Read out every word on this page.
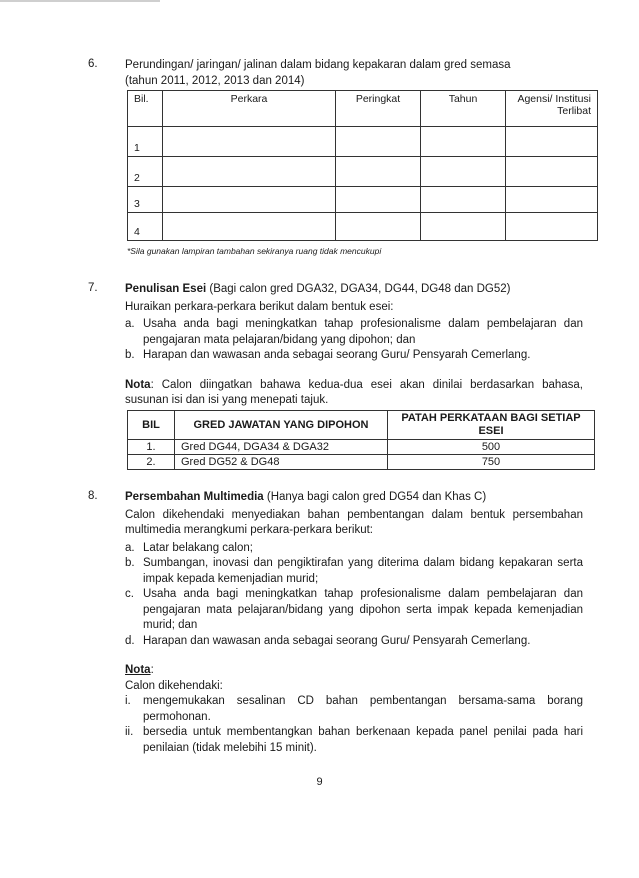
6. Perundingan/ jaringan/ jalinan dalam bidang kepakaran dalam gred semasa

(tahun 2011, 2012, 2013 dan 2014)

Bil.	Perkara	Peringkat	Tahun	Agensi/ Institusi Terlibat
1				
2				
3				
4				
*Sila gunakan lampiran tambahan sekiranya ruang tidak mencukupi
7. Penulisan Esei (Bagi calon gred DGA32, DGA34, DG44, DG48 dan DG52)

Huraikan perkara-perkara berikut dalam bentuk esei:

a. Usaha anda bagi meningkatkan tahap profesionalisme dalam pembelajaran dan pengajaran mata pelajaran/bidang yang dipohon; dan
b. Harapan dan wawasan anda sebagai seorang Guru/ Pensyarah Cemerlang.

Nota: Calon diingatkan bahawa kedua-dua esei akan dinilai berdasarkan bahasa, susunan isi dan isi yang menepati tajuk.

BIL	GRED JAWATAN YANG DIPOHON	PATAH PERKATAAN BAGI SETIAP ESEI
1.	Gred DG44, DGA34 & DGA32	500
2.	Gred DG52 & DG48	750
8. Persembahan Multimedia (Hanya bagi calon gred DG54 dan Khas C)

Calon dikehendaki menyediakan bahan pembentangan dalam bentuk persembahan multimedia merangkumi perkara-perkara berikut:

a. Latar belakang calon;
b. Sumbangan, inovasi dan pengiktirafan yang diterima dalam bidang kepakaran serta impak kepada kemenjadian murid;
c. Usaha anda bagi meningkatkan tahap profesionalisme dalam pembelajaran dan pengajaran mata pelajaran/bidang yang dipohon serta impak kepada kemenjadian murid; dan
d. Harapan dan wawasan anda sebagai seorang Guru/ Pensyarah Cemerlang.

Nota:

Calon dikehendaki:

i. mengemukakan sesalinan CD bahan pembentangan bersama-sama borang permohonan.
ii. bersedia untuk membentangkan bahan berkenaan kepada panel penilai pada hari penilaian (tidak melebihi 15 minit).
9
